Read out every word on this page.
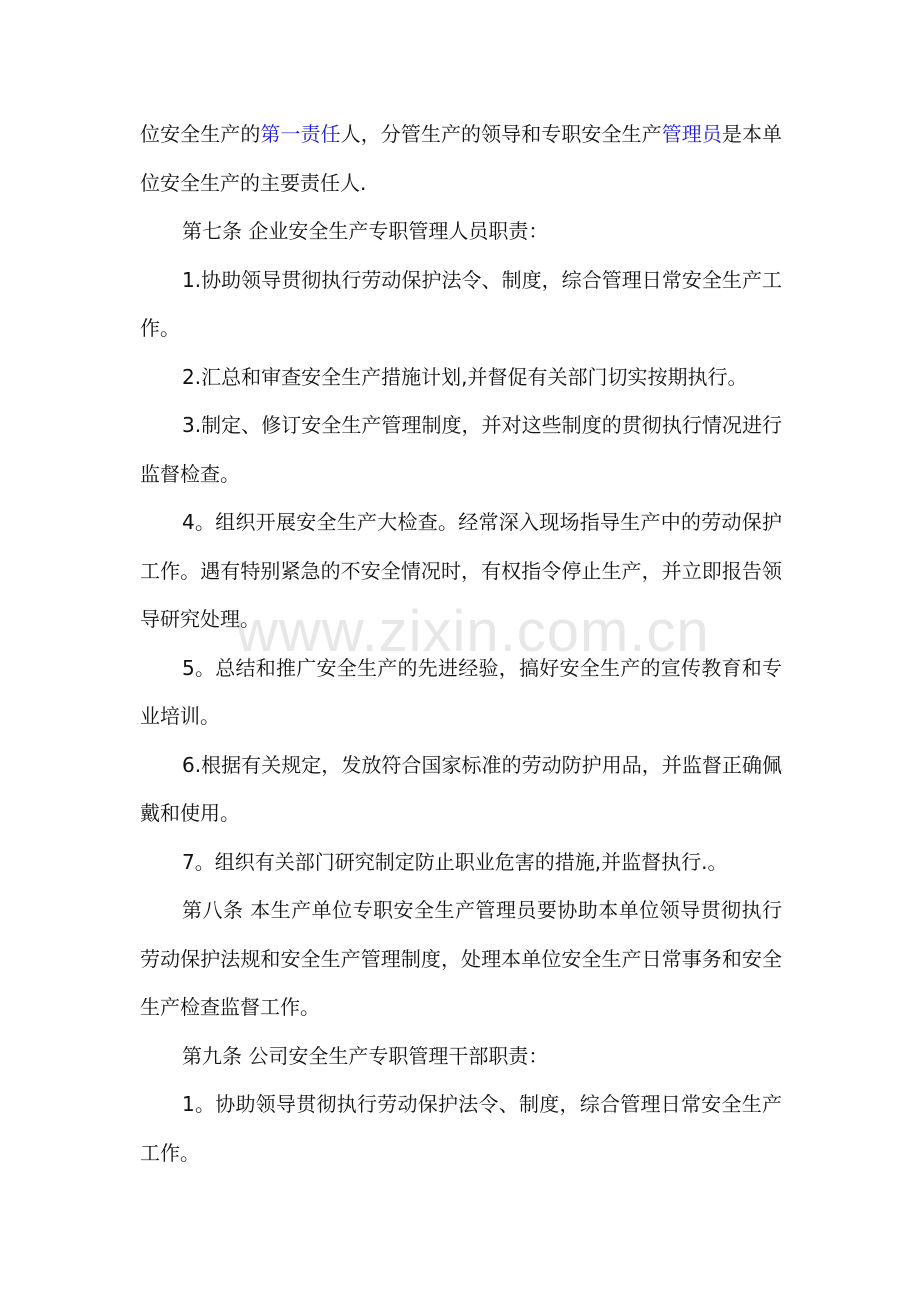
位安全生产的第一责任人，分管生产的领导和专职安全生产管理员是本单位安全生产的主要责任人.

第七条 企业安全生产专职管理人员职责：

1.协助领导贯彻执行劳动保护法令、制度，综合管理日常安全生产工作。

2.汇总和审查安全生产措施计划,并督促有关部门切实按期执行。

3.制定、修订安全生产管理制度，并对这些制度的贯彻执行情况进行监督检查。

4。组织开展安全生产大检查。经常深入现场指导生产中的劳动保护工作。遇有特别紧急的不安全情况时，有权指令停止生产，并立即报告领导研究处理。

5。总结和推广安全生产的先进经验，搞好安全生产的宣传教育和专业培训。

6.根据有关规定，发放符合国家标准的劳动防护用品，并监督正确佩戴和使用。

7。组织有关部门研究制定防止职业危害的措施,并监督执行.。

第八条 本生产单位专职安全生产管理员要协助本单位领导贯彻执行劳动保护法规和安全生产管理制度，处理本单位安全生产日常事务和安全生产检查监督工作。

第九条 公司安全生产专职管理干部职责：

1。协助领导贯彻执行劳动保护法令、制度，综合管理日常安全生产工作。

www.zixin.com.cn
